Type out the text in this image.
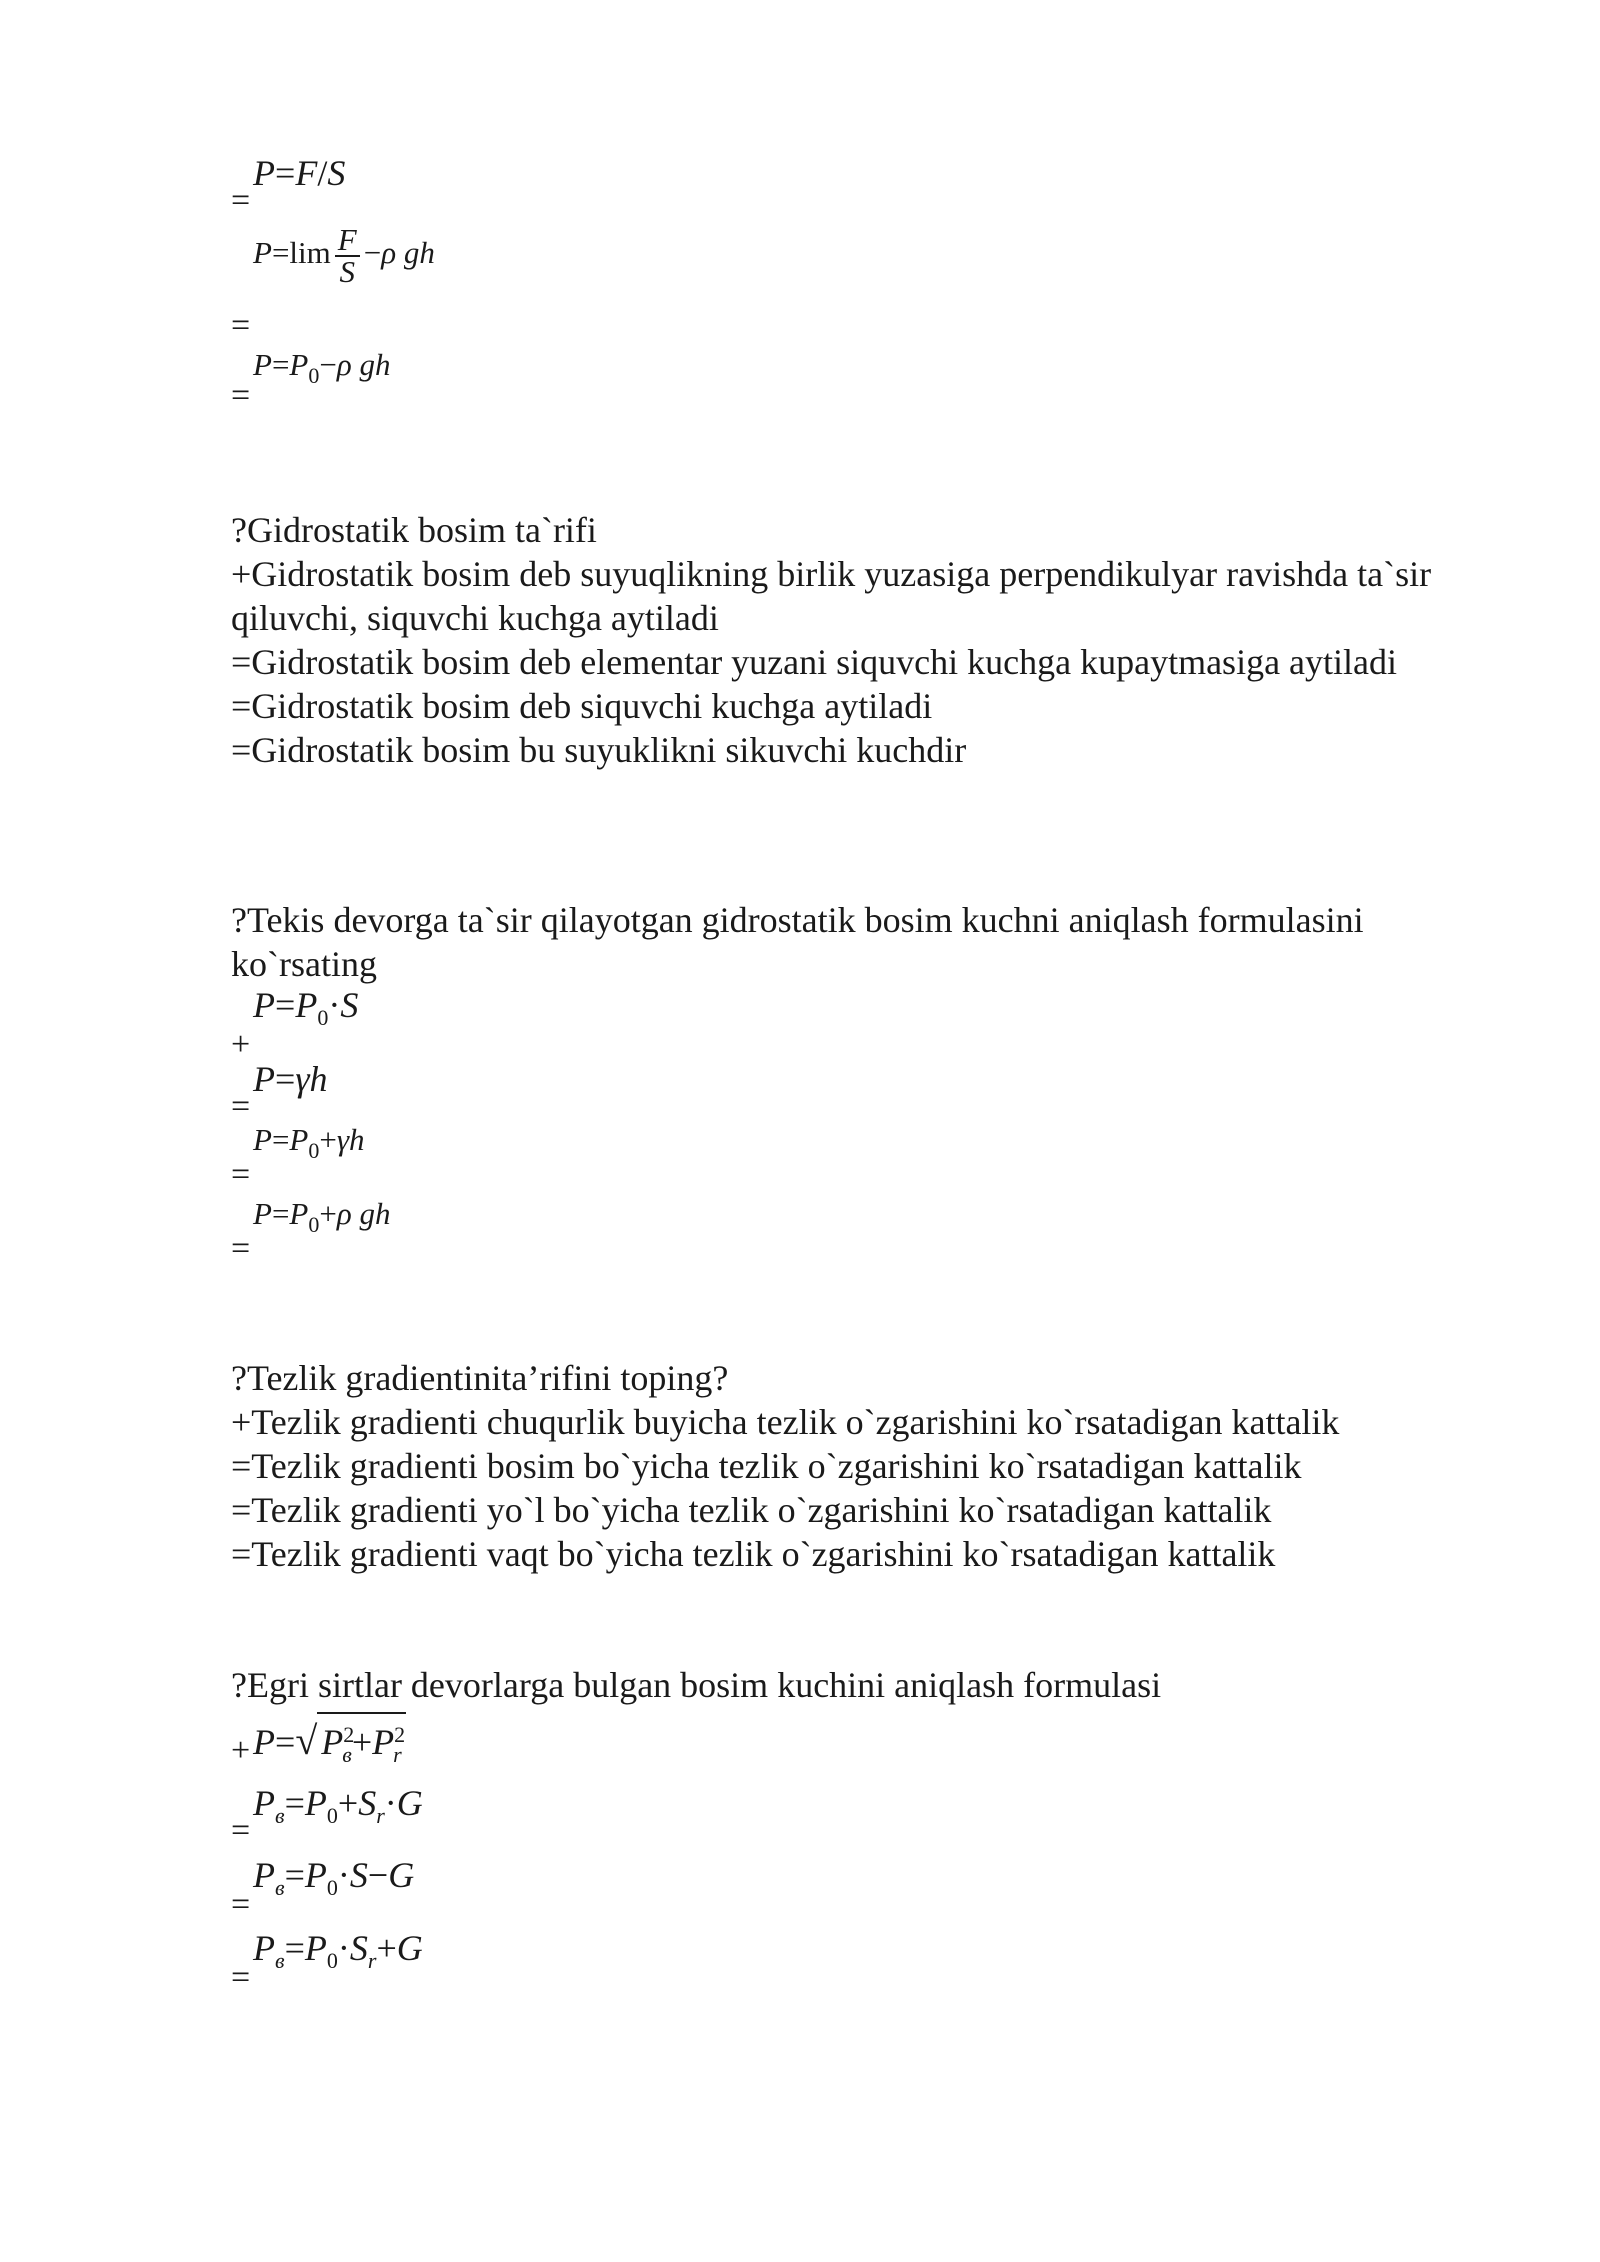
=
P=F/S
=
$P=\lim \frac{F}{S} -\rho$ gh
=
$P=P_0-\rho$ gh
?Gidrostatik bosim ta`rifi
+Gidrostatik bosim deb suyuqlikning birlik yuzasiga perpendikulyar ravishda ta`sir qiluvchi, siquvchi kuchga aytiladi
=Gidrostatik bosim deb elementar yuzani siquvchi kuchga kupaytmasiga aytiladi
=Gidrostatik bosim deb siquvchi kuchga aytiladi
=Gidrostatik bosim bu suyuklikni sikuvchi kuchdir
?Tekis devorga ta`sir qilayotgan gidrostatik bosim kuchni aniqlash formulasini ko`rsating
+
$P=P_0\cdot S$
=
P=γh
=
$P=P_0+\gamma h$
=
$P=P_0+\rho$ gh
?Tezlik gradientinita’rifini toping?
+Tezlik gradienti chuqurlik buyicha tezlik o`zgarishini ko`rsatadigan kattalik
=Tezlik gradienti bosim bo`yicha tezlik o`zgarishini ko`rsatadigan kattalik
=Tezlik gradienti yo`l bo`yicha tezlik o`zgarishini ko`rsatadigan kattalik
=Tezlik gradienti vaqt bo`yicha tezlik o`zgarishini ko`rsatadigan kattalik
?Egri sirtlar devorlarga bulgan bosim kuchini aniqlash formulasi
+ P=√ $P^2_в+P^2_r$
=
$P_в=P_0+S_r\cdot G$
=
$P_в=P_0\cdot S-G$
=
$P_в=P_0\cdot S_r+G$
